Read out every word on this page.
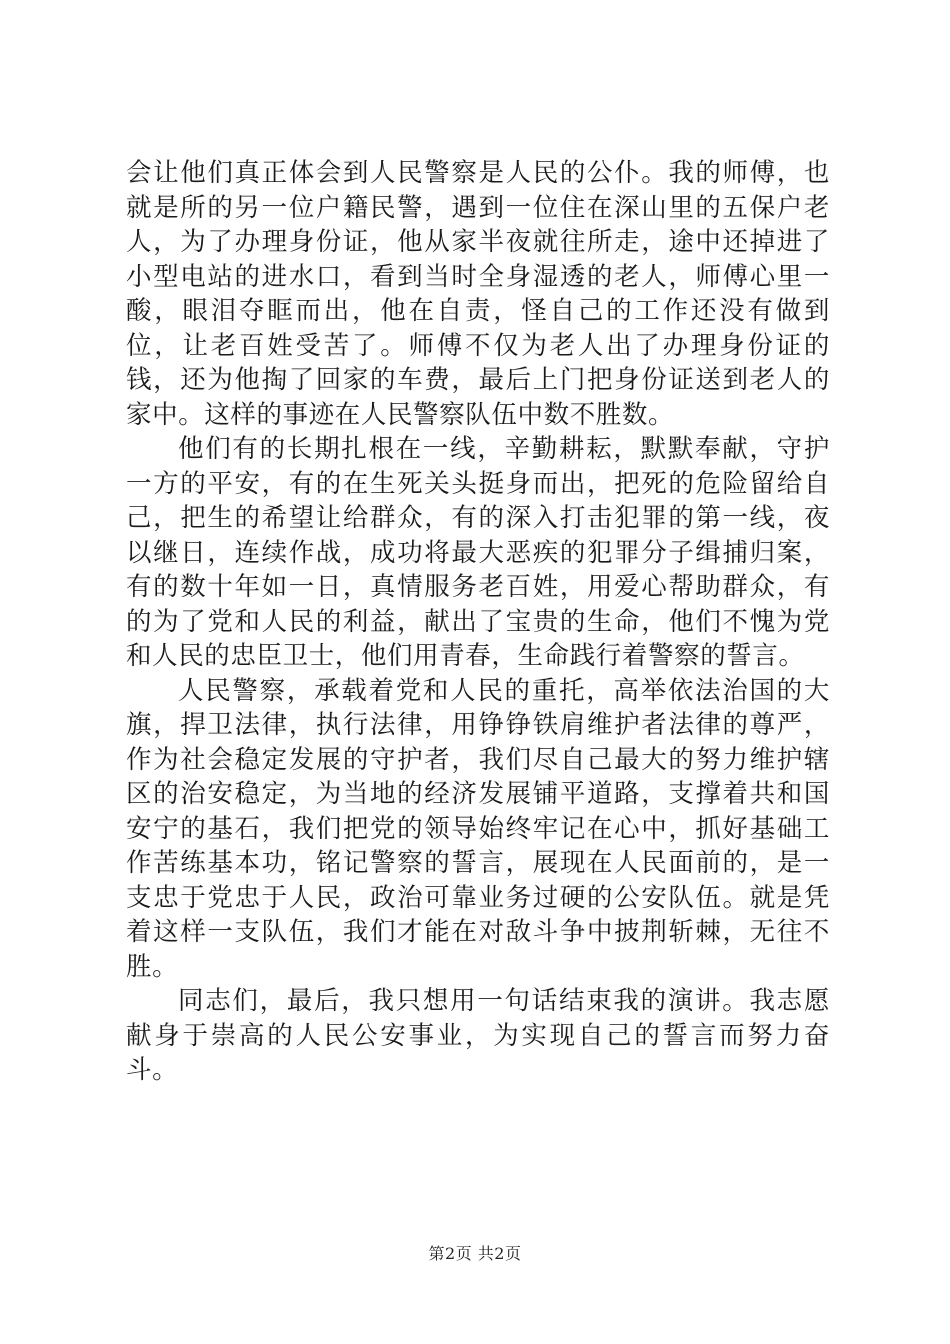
会让他们真正体会到人民警察是人民的公仆。我的师傅，也就是所的另一位户籍民警，遇到一位住在深山里的五保户老人，为了办理身份证，他从家半夜就往所走，途中还掉进了小型电站的进水口，看到当时全身湿透的老人，师傅心里一酸，眼泪夺眶而出，他在自责，怪自己的工作还没有做到位，让老百姓受苦了。师傅不仅为老人出了办理身份证的钱，还为他掏了回家的车费，最后上门把身份证送到老人的家中。这样的事迹在人民警察队伍中数不胜数。

他们有的长期扎根在一线，辛勤耕耘，默默奉献，守护一方的平安，有的在生死关头挺身而出，把死的危险留给自己，把生的希望让给群众，有的深入打击犯罪的第一线，夜以继日，连续作战，成功将最大恶疾的犯罪分子缉捕归案，有的数十年如一日，真情服务老百姓，用爱心帮助群众，有的为了党和人民的利益，献出了宝贵的生命，他们不愧为党和人民的忠臣卫士，他们用青春，生命践行着警察的誓言。

人民警察，承载着党和人民的重托，高举依法治国的大旗，捍卫法律，执行法律，用铮铮铁肩维护者法律的尊严，作为社会稳定发展的守护者，我们尽自己最大的努力维护辖区的治安稳定，为当地的经济发展铺平道路，支撑着共和国安宁的基石，我们把党的领导始终牢记在心中，抓好基础工作苦练基本功，铭记警察的誓言，展现在人民面前的，是一支忠于党忠于人民，政治可靠业务过硬的公安队伍。就是凭着这样一支队伍，我们才能在对敌斗争中披荆斩棘，无往不胜。

同志们，最后，我只想用一句话结束我的演讲。我志愿献身于崇高的人民公安事业，为实现自己的誓言而努力奋斗。

第2页 共2页
